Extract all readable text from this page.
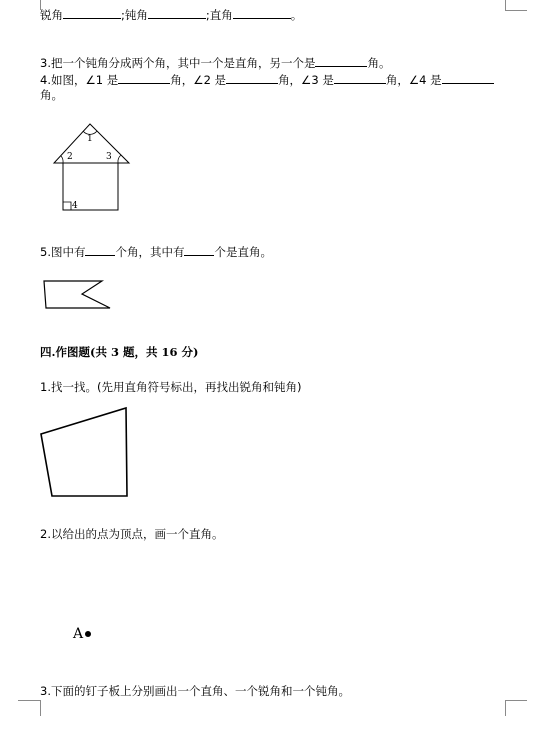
锐角	;钝角	;直角	。
3.把一个钝角分成两个角，其中一个是直角，另一个是	角。
4.如图，∠1 是	角，∠2 是	角，∠3 是	角，∠4 是
角。
1
2	3
4
5.图中有	个角，其中有	个是直角。
四.作图题(共 3 题，共 16 分)
1.找一找。(先用直角符号标出，再找出锐角和钝角)
2.以给出的点为顶点，画一个直角。
A
3.下面的钉子板上分别画出一个直角、一个锐角和一个钝角。
